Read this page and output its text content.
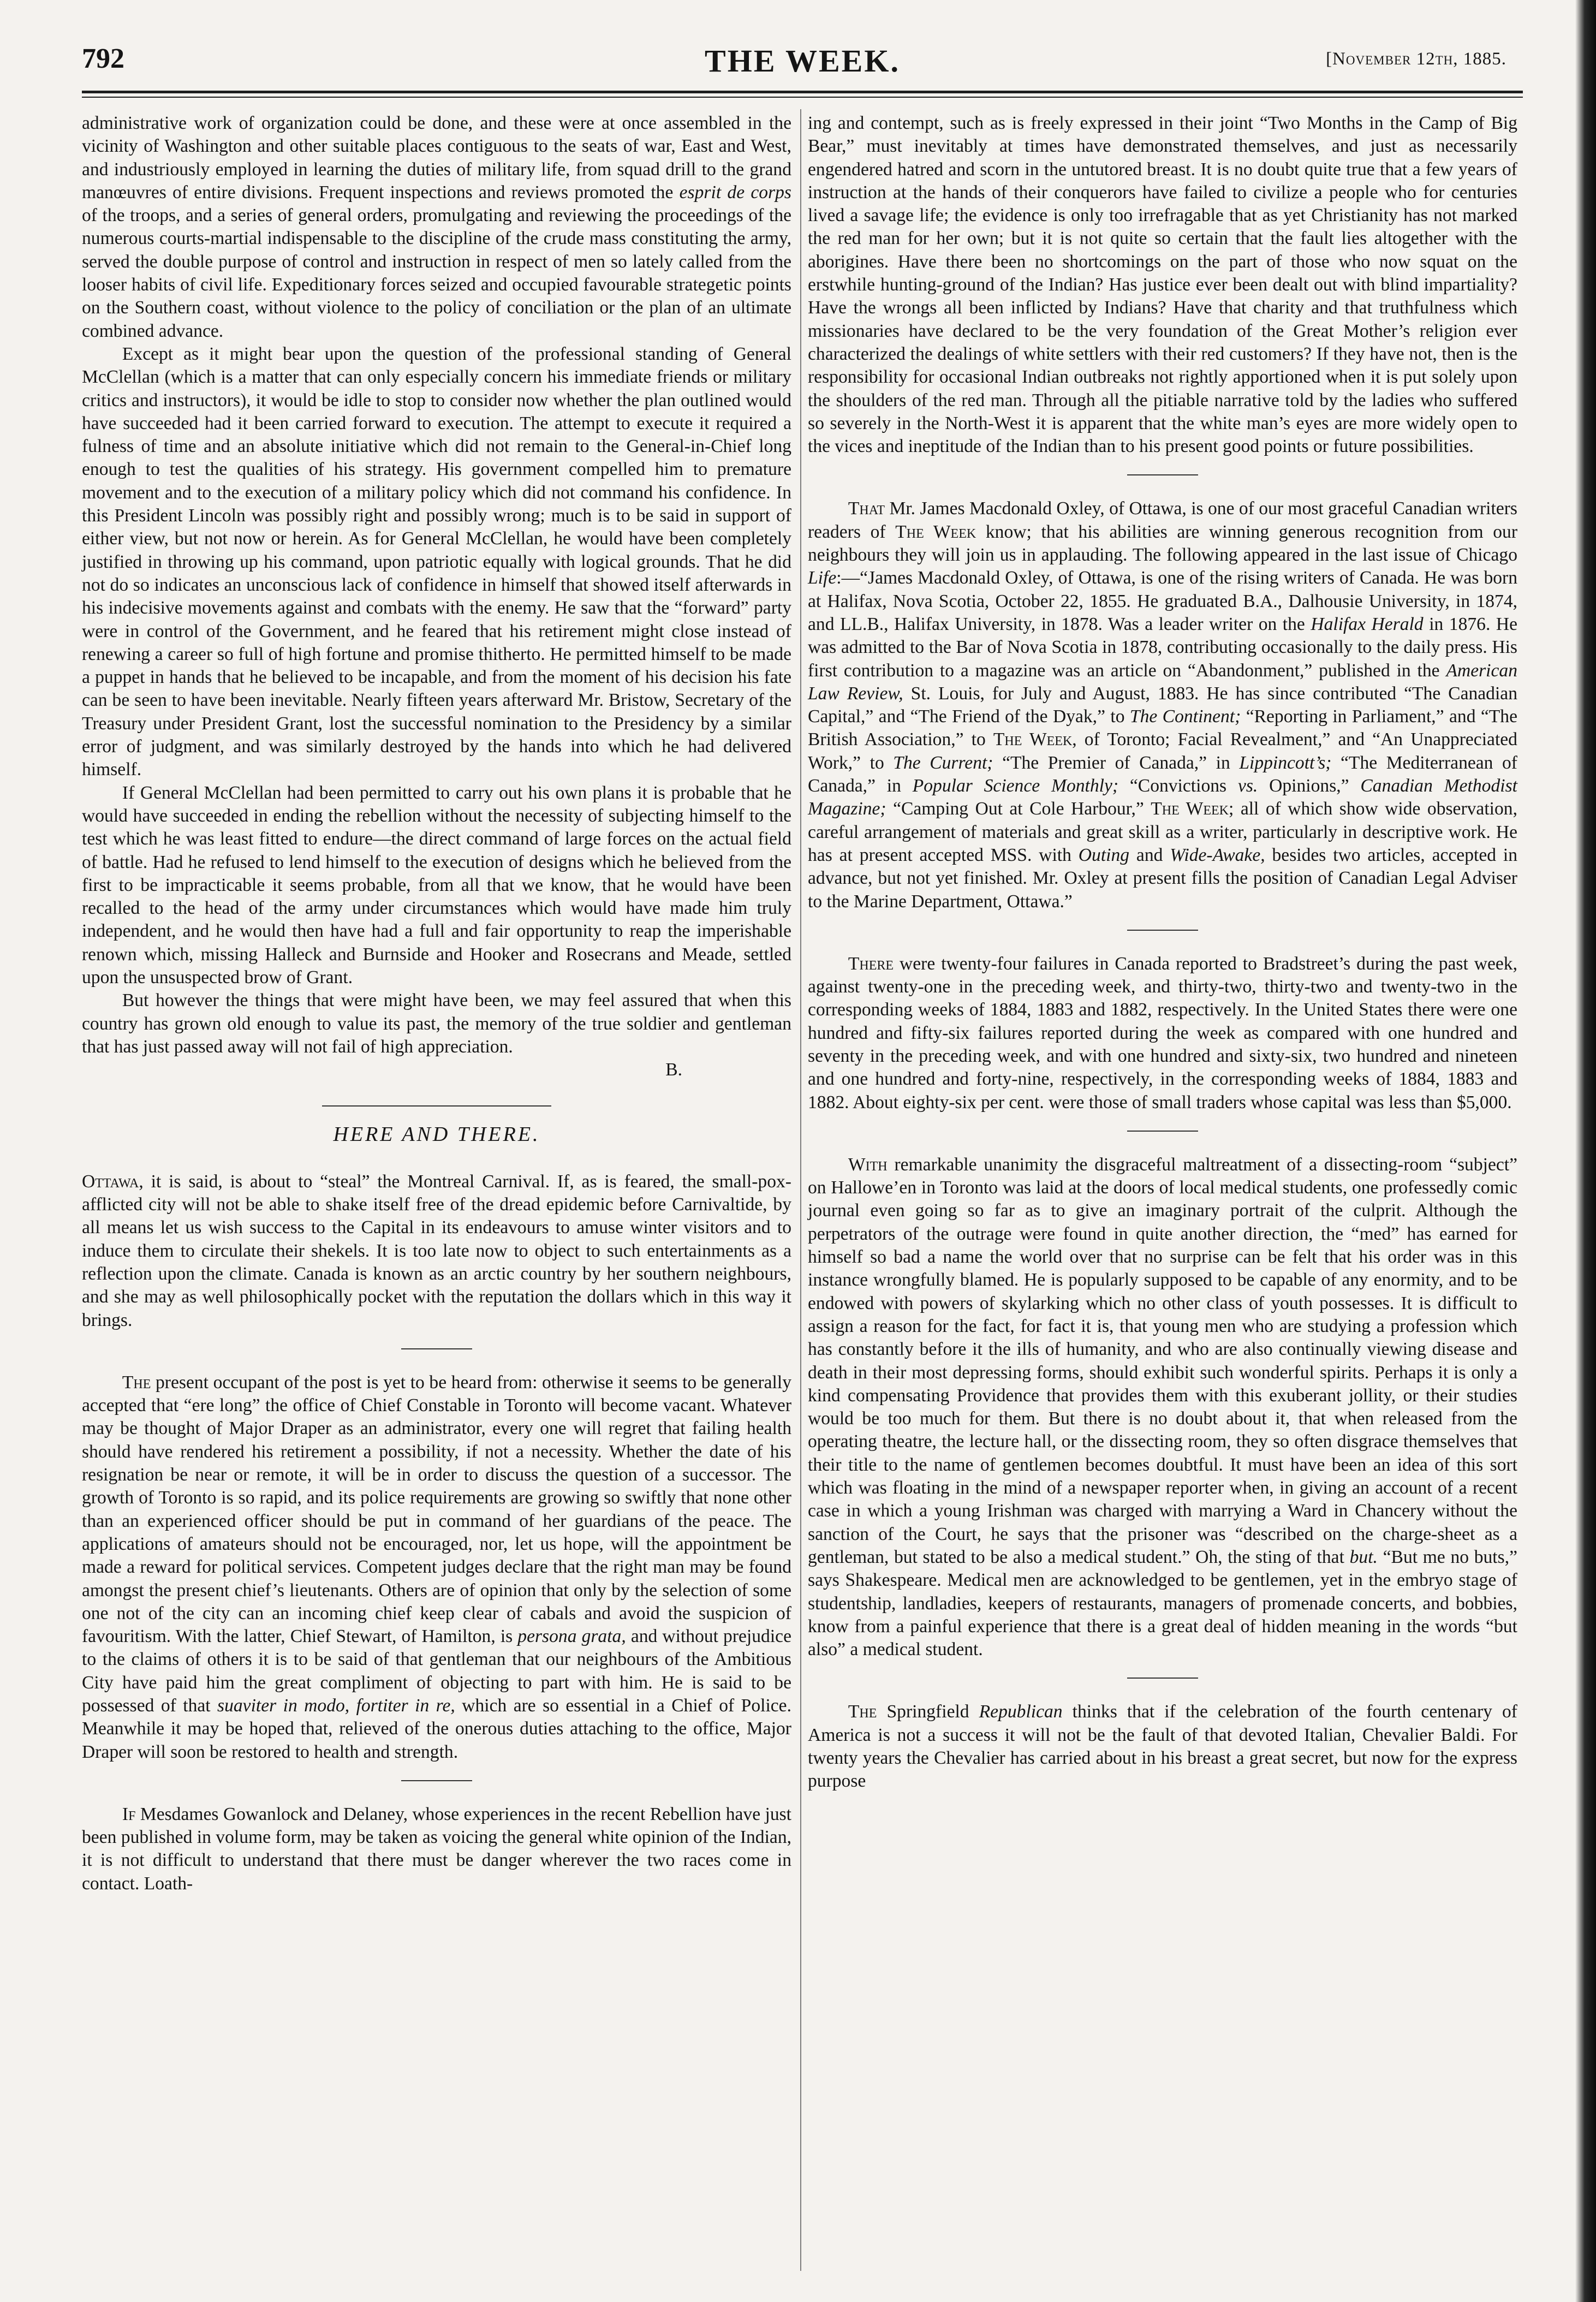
792	THE WEEK.	[November 12th, 1885.

administrative work of organization could be done, and these were at once assembled in the vicinity of Washington and other suitable places contiguous to the seats of war, East and West, and industriously employed in learning the duties of military life, from squad drill to the grand manœuvres of entire divisions. Frequent inspections and reviews promoted the esprit de corps of the troops, and a series of general orders, promulgating and reviewing the proceedings of the numerous courts-martial indispensable to the discipline of the crude mass constituting the army, served the double purpose of control and instruction in respect of men so lately called from the looser habits of civil life. Expeditionary forces seized and occupied favourable strategetic points on the Southern coast, without violence to the policy of conciliation or the plan of an ultimate combined advance.

Except as it might bear upon the question of the professional standing of General McClellan (which is a matter that can only especially concern his immediate friends or military critics and instructors), it would be idle to stop to consider now whether the plan outlined would have succeeded had it been carried forward to execution. The attempt to execute it required a fulness of time and an absolute initiative which did not remain to the General-in-Chief long enough to test the qualities of his strategy. His government compelled him to premature movement and to the execution of a military policy which did not command his confidence. In this President Lincoln was possibly right and possibly wrong; much is to be said in support of either view, but not now or herein. As for General McClellan, he would have been completely justified in throwing up his command, upon patriotic equally with logical grounds. That he did not do so indicates an unconscious lack of confidence in himself that showed itself afterwards in his indecisive movements against and combats with the enemy. He saw that the “forward” party were in control of the Government, and he feared that his retirement might close instead of renewing a career so full of high fortune and promise thitherto. He permitted himself to be made a puppet in hands that he believed to be incapable, and from the moment of his decision his fate can be seen to have been inevitable. Nearly fifteen years afterward Mr. Bristow, Secretary of the Treasury under President Grant, lost the successful nomination to the Presidency by a similar error of judgment, and was similarly destroyed by the hands into which he had delivered himself.

If General McClellan had been permitted to carry out his own plans it is probable that he would have succeeded in ending the rebellion without the necessity of subjecting himself to the test which he was least fitted to endure—the direct command of large forces on the actual field of battle. Had he refused to lend himself to the execution of designs which he believed from the first to be impracticable it seems probable, from all that we know, that he would have been recalled to the head of the army under circumstances which would have made him truly independent, and he would then have had a full and fair opportunity to reap the imperishable renown which, missing Halleck and Burnside and Hooker and Rosecrans and Meade, settled upon the unsuspected brow of Grant.

But however the things that were might have been, we may feel assured that when this country has grown old enough to value its past, the memory of the true soldier and gentleman that has just passed away will not fail of high appreciation.
B.

HERE AND THERE.

Ottawa, it is said, is about to “steal” the Montreal Carnival. If, as is feared, the small-pox-afflicted city will not be able to shake itself free of the dread epidemic before Carnivaltide, by all means let us wish success to the Capital in its endeavours to amuse winter visitors and to induce them to circulate their shekels. It is too late now to object to such entertainments as a reflection upon the climate. Canada is known as an arctic country by her southern neighbours, and she may as well philosophically pocket with the reputation the dollars which in this way it brings.

The present occupant of the post is yet to be heard from: otherwise it seems to be generally accepted that “ere long” the office of Chief Constable in Toronto will become vacant. Whatever may be thought of Major Draper as an administrator, every one will regret that failing health should have rendered his retirement a possibility, if not a necessity. Whether the date of his resignation be near or remote, it will be in order to discuss the question of a successor. The growth of Toronto is so rapid, and its police requirements are growing so swiftly that none other than an experienced officer should be put in command of her guardians of the peace. The applications of amateurs should not be encouraged, nor, let us hope, will the appointment be made a reward for political services. Competent judges declare that the right man may be found amongst the present chief’s lieutenants. Others are of opinion that only by the selection of some one not of the city can an incoming chief keep clear of cabals and avoid the suspicion of favouritism. With the latter, Chief Stewart, of Hamilton, is persona grata, and without prejudice to the claims of others it is to be said of that gentleman that our neighbours of the Ambitious City have paid him the great compliment of objecting to part with him. He is said to be possessed of that suaviter in modo, fortiter in re, which are so essential in a Chief of Police. Meanwhile it may be hoped that, relieved of the onerous duties attaching to the office, Major Draper will soon be restored to health and strength.

If Mesdames Gowanlock and Delaney, whose experiences in the recent Rebellion have just been published in volume form, may be taken as voicing the general white opinion of the Indian, it is not difficult to understand that there must be danger wherever the two races come in contact. Loath-

ing and contempt, such as is freely expressed in their joint “Two Months in the Camp of Big Bear,” must inevitably at times have demonstrated themselves, and just as necessarily engendered hatred and scorn in the untutored breast. It is no doubt quite true that a few years of instruction at the hands of their conquerors have failed to civilize a people who for centuries lived a savage life; the evidence is only too irrefragable that as yet Christianity has not marked the red man for her own; but it is not quite so certain that the fault lies altogether with the aborigines. Have there been no shortcomings on the part of those who now squat on the erstwhile hunting-ground of the Indian? Has justice ever been dealt out with blind impartiality? Have the wrongs all been inflicted by Indians? Have that charity and that truthfulness which missionaries have declared to be the very foundation of the Great Mother’s religion ever characterized the dealings of white settlers with their red customers? If they have not, then is the responsibility for occasional Indian outbreaks not rightly apportioned when it is put solely upon the shoulders of the red man. Through all the pitiable narrative told by the ladies who suffered so severely in the North-West it is apparent that the white man’s eyes are more widely open to the vices and ineptitude of the Indian than to his present good points or future possibilities.

That Mr. James Macdonald Oxley, of Ottawa, is one of our most graceful Canadian writers readers of The Week know; that his abilities are winning generous recognition from our neighbours they will join us in applauding. The following appeared in the last issue of Chicago Life:—“James Macdonald Oxley, of Ottawa, is one of the rising writers of Canada. He was born at Halifax, Nova Scotia, October 22, 1855. He graduated B.A., Dalhousie University, in 1874, and LL.B., Halifax University, in 1878. Was a leader writer on the Halifax Herald in 1876. He was admitted to the Bar of Nova Scotia in 1878, contributing occasionally to the daily press. His first contribution to a magazine was an article on “Abandonment,” published in the American Law Review, St. Louis, for July and August, 1883. He has since contributed “The Canadian Capital,” and “The Friend of the Dyak,” to The Continent; “Reporting in Parliament,” and “The British Association,” to The Week, of Toronto; Facial Revealment,” and “An Unappreciated Work,” to The Current; “The Premier of Canada,” in Lippincott’s; “The Mediterranean of Canada,” in Popular Science Monthly; “Convictions vs. Opinions,” Canadian Methodist Magazine; “Camping Out at Cole Harbour,” The Week; all of which show wide observation, careful arrangement of materials and great skill as a writer, particularly in descriptive work. He has at present accepted MSS. with Outing and Wide-Awake, besides two articles, accepted in advance, but not yet finished. Mr. Oxley at present fills the position of Canadian Legal Adviser to the Marine Department, Ottawa.”

There were twenty-four failures in Canada reported to Bradstreet’s during the past week, against twenty-one in the preceding week, and thirty-two, thirty-two and twenty-two in the corresponding weeks of 1884, 1883 and 1882, respectively. In the United States there were one hundred and fifty-six failures reported during the week as compared with one hundred and seventy in the preceding week, and with one hundred and sixty-six, two hundred and nineteen and one hundred and forty-nine, respectively, in the corresponding weeks of 1884, 1883 and 1882. About eighty-six per cent. were those of small traders whose capital was less than $5,000.

With remarkable unanimity the disgraceful maltreatment of a dissecting-room “subject” on Hallowe’en in Toronto was laid at the doors of local medical students, one professedly comic journal even going so far as to give an imaginary portrait of the culprit. Although the perpetrators of the outrage were found in quite another direction, the “med” has earned for himself so bad a name the world over that no surprise can be felt that his order was in this instance wrongfully blamed. He is popularly supposed to be capable of any enormity, and to be endowed with powers of skylarking which no other class of youth possesses. It is difficult to assign a reason for the fact, for fact it is, that young men who are studying a profession which has constantly before it the ills of humanity, and who are also continually viewing disease and death in their most depressing forms, should exhibit such wonderful spirits. Perhaps it is only a kind compensating Providence that provides them with this exuberant jollity, or their studies would be too much for them. But there is no doubt about it, that when released from the operating theatre, the lecture hall, or the dissecting room, they so often disgrace themselves that their title to the name of gentlemen becomes doubtful. It must have been an idea of this sort which was floating in the mind of a newspaper reporter when, in giving an account of a recent case in which a young Irishman was charged with marrying a Ward in Chancery without the sanction of the Court, he says that the prisoner was “described on the charge-sheet as a gentleman, but stated to be also a medical student.” Oh, the sting of that but. “But me no buts,” says Shakespeare. Medical men are acknowledged to be gentlemen, yet in the embryo stage of studentship, landladies, keepers of restaurants, managers of promenade concerts, and bobbies, know from a painful experience that there is a great deal of hidden meaning in the words “but also” a medical student.

The Springfield Republican thinks that if the celebration of the fourth centenary of America is not a success it will not be the fault of that devoted Italian, Chevalier Baldi. For twenty years the Chevalier has carried about in his breast a great secret, but now for the express purpose
